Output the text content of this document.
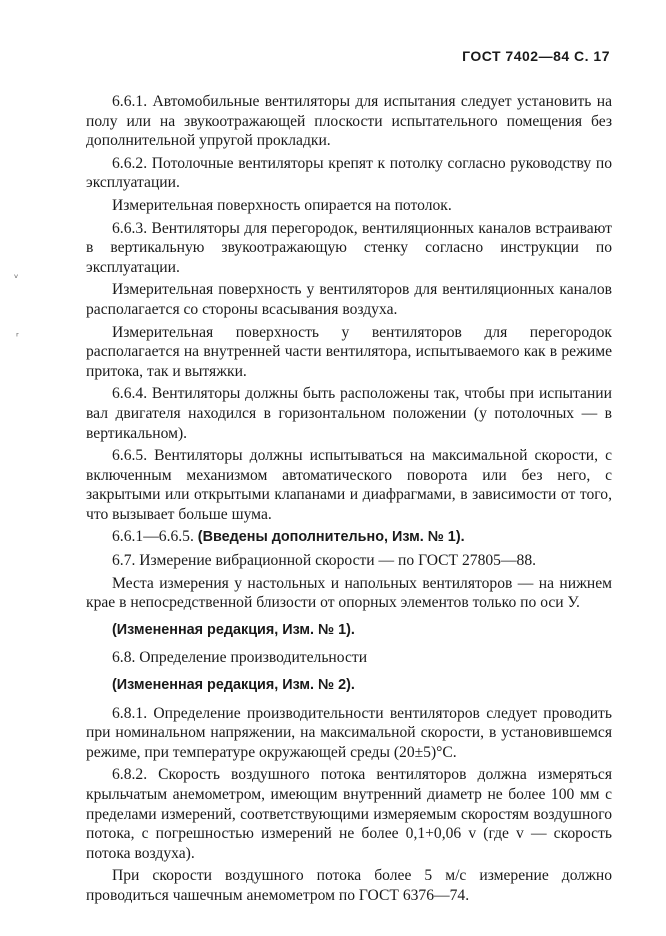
ГОСТ 7402—84 С. 17

6.6.1. Автомобильные вентиляторы для испытания следует установить на полу или на звукоотражающей плоскости испытательного помещения без дополнительной упругой прокладки.

6.6.2. Потолочные вентиляторы крепят к потолку согласно руководству по эксплуатации.

Измерительная поверхность опирается на потолок.

6.6.3. Вентиляторы для перегородок, вентиляционных каналов встраивают в вертикальную звукоотражающую стенку согласно инструкции по эксплуатации.

Измерительная поверхность у вентиляторов для вентиляционных каналов располагается со стороны всасывания воздуха.

Измерительная поверхность у вентиляторов для перегородок располагается на внутренней части вентилятора, испытываемого как в режиме притока, так и вытяжки.

6.6.4. Вентиляторы должны быть расположены так, чтобы при испытании вал двигателя находился в горизонтальном положении (у потолочных — в вертикальном).

6.6.5. Вентиляторы должны испытываться на максимальной скорости, с включенным механизмом автоматического поворота или без него, с закрытыми или открытыми клапанами и диафрагмами, в зависимости от того, что вызывает больше шума.

6.6.1—6.6.5. (Введены дополнительно, Изм. № 1).

6.7. Измерение вибрационной скорости — по ГОСТ 27805—88.

Места измерения у настольных и напольных вентиляторов — на нижнем крае в непосредственной близости от опорных элементов только по оси У.

(Измененная редакция, Изм. № 1).

6.8. Определение производительности

(Измененная редакция, Изм. № 2).

6.8.1. Определение производительности вентиляторов следует проводить при номинальном напряжении, на максимальной скорости, в установившемся режиме, при температуре окружающей среды (20±5)°С.

6.8.2. Скорость воздушного потока вентиляторов должна измеряться крыльчатым анемометром, имеющим внутренний диаметр не более 100 мм с пределами измерений, соответствующими измеряемым скоростям воздушного потока, с погрешностью измерений не более 0,1+0,06 v (где v — скорость потока воздуха).

При скорости воздушного потока более 5 м/с измерение должно проводиться чашечным анемометром по ГОСТ 6376—74.

ᵥ
ʳ
